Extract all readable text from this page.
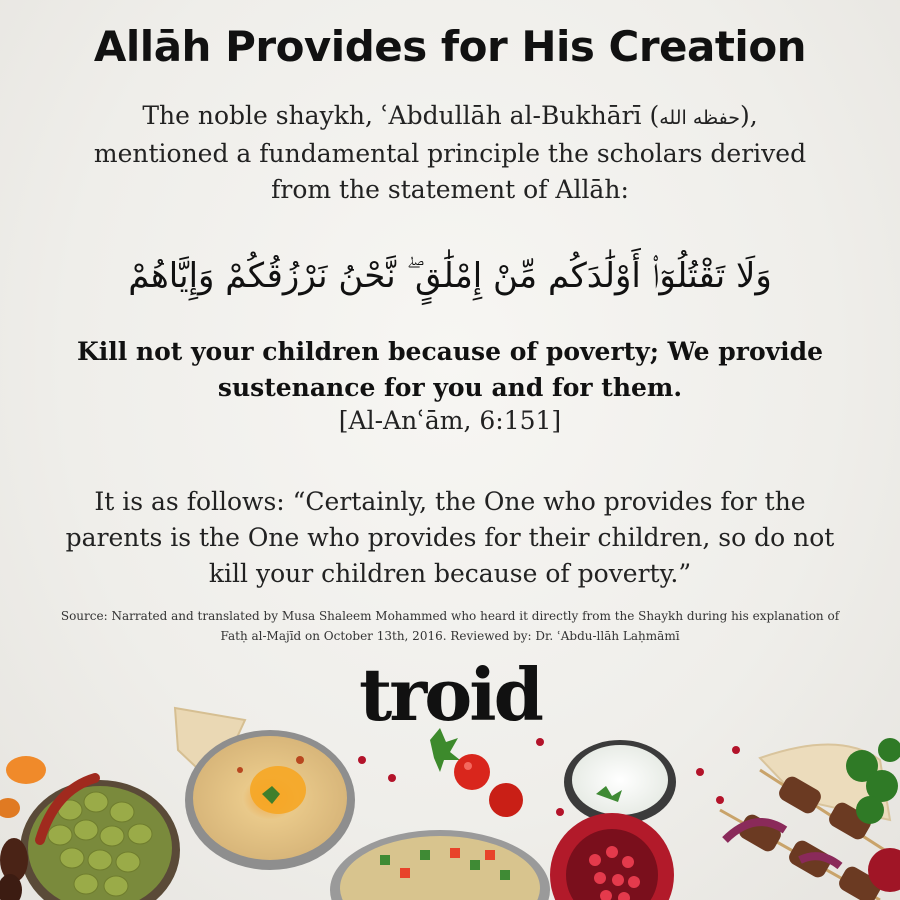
Allāh Provides for His Creation
The noble shaykh, ʿAbdullāh al-Bukhārī (حفظه الله),
mentioned a fundamental principle the scholars derived
from the statement of Allāh:
وَلَا تَقْتُلُوٓا۟ أَوْلَٰدَكُم مِّنْ إِمْلَٰقٍ ۖ نَّحْنُ نَرْزُقُكُمْ وَإِيَّاهُمْ
Kill not your children because of poverty; We provide
sustenance for you and for them.
[Al-Anʿām, 6:151]
It is as follows: “Certainly, the One who provides for the
parents is the One who provides for their children, so do not
kill your children because of poverty.”
Source: Narrated and translated by Musa Shaleem Mohammed who heard it directly from the Shaykh during his explanation of
Fatḥ al-Majīd on October 13th, 2016. Reviewed by: Dr. ʿAbdu-llāh Laḥmāmī
troid
